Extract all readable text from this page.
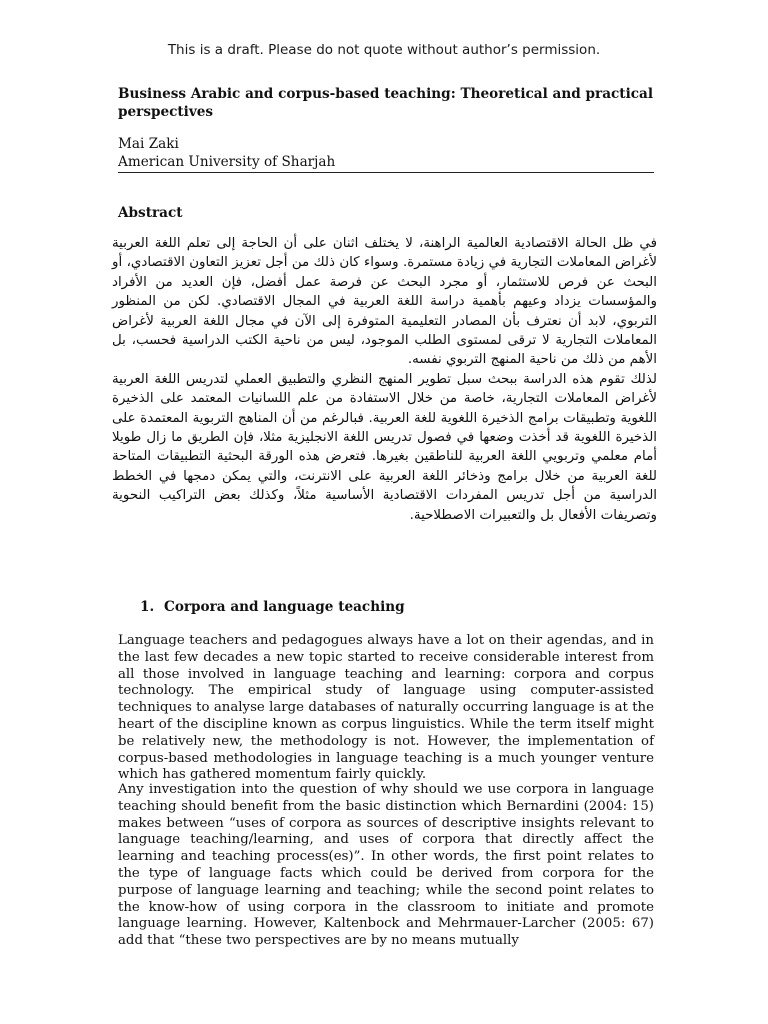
This is a draft. Please do not quote without author’s permission.
Business Arabic and corpus-based teaching: Theoretical and practical perspectives
Mai Zaki
American University of Sharjah
Abstract

في ظل الحالة الاقتصادية العالمية الراهنة، لا يختلف اثنان على أن الحاجة إلى تعلم اللغة العربية لأغراض المعاملات التجارية في زيادة مستمرة. وسواء كان ذلك من أجل تعزيز التعاون الاقتصادي، أو البحث عن فرص للاستثمار، أو مجرد البحث عن فرصة عمل أفضل، فإن العديد من الأفراد والمؤسسات يزداد وعيهم بأهمية دراسة اللغة العربية في المجال الاقتصادي. لكن من المنظور التربوي، لابد أن نعترف بأن المصادر التعليمية المتوفرة إلى الآن في مجال اللغة العربية لأغراض المعاملات التجارية لا ترقى لمستوى الطلب الموجود، ليس من ناحية الكتب الدراسية فحسب، بل الأهم من ذلك من ناحية المنهج التربوي نفسه.

لذلك تقوم هذه الدراسة ببحث سبل تطوير المنهج النظري والتطبيق العملي لتدريس اللغة العربية لأغراض المعاملات التجارية، خاصة من خلال الاستفادة من علم اللسانيات المعتمد على الذخيرة اللغوية وتطبيقات برامج الذخيرة اللغوية للغة العربية. فبالرغم من أن المناهج التربوية المعتمدة على الذخيرة اللغوية قد أخذت وضعها في فصول تدريس اللغة الانجليزية مثلا، فإن الطريق ما زال طويلا أمام معلمي وتربويي اللغة العربية للناطقين بغيرها. فتعرض هذه الورقة البحثية التطبيقات المتاحة للغة العربية من خلال برامج وذخائر اللغة العربية على الانترنت، والتي يمكن دمجها في الخطط الدراسية من أجل تدريس المفردات الاقتصادية الأساسية مثلاً، وكذلك بعض التراكيب النحوية وتصريفات الأفعال بل والتعبيرات الاصطلاحية.

1. Corpora and language teaching

Language teachers and pedagogues always have a lot on their agendas, and in the last few decades a new topic started to receive considerable interest from all those involved in language teaching and learning: corpora and corpus technology. The empirical study of language using computer-assisted techniques to analyse large databases of naturally occurring language is at the heart of the discipline known as corpus linguistics. While the term itself might be relatively new, the methodology is not. However, the implementation of corpus-based methodologies in language teaching is a much younger venture which has gathered momentum fairly quickly.

Any investigation into the question of why should we use corpora in language teaching should benefit from the basic distinction which Bernardini (2004: 15) makes between “uses of corpora as sources of descriptive insights relevant to language teaching/learning, and uses of corpora that directly affect the learning and teaching process(es)”. In other words, the first point relates to the type of language facts which could be derived from corpora for the purpose of language learning and teaching; while the second point relates to the know-how of using corpora in the classroom to initiate and promote language learning. However, Kaltenbock and Mehrmauer-Larcher (2005: 67) add that “these two perspectives are by no means mutually
